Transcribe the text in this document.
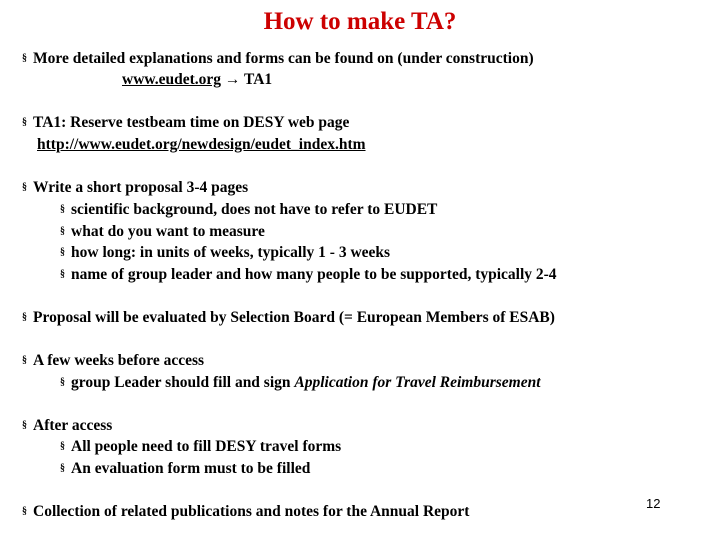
How to make TA?
§ More detailed explanations and forms can be found on (under construction)
www.eudet.org → TA1
§ TA1: Reserve testbeam time on DESY web page
http://www.eudet.org/newdesign/eudet_index.htm
§ Write a short proposal 3-4 pages
§ scientific background, does not have to refer to EUDET
§ what do you want to measure
§ how long: in units of weeks, typically 1 - 3 weeks
§ name of group leader and how many people to be supported, typically 2-4
§ Proposal will be evaluated by Selection Board (= European Members of ESAB)
§ A few weeks before access
§ group Leader should fill and sign Application for Travel Reimbursement
§ After access
§ All people need to fill DESY travel forms
§ An evaluation form must to be filled
§ Collection of related publications and notes for the Annual Report	12
